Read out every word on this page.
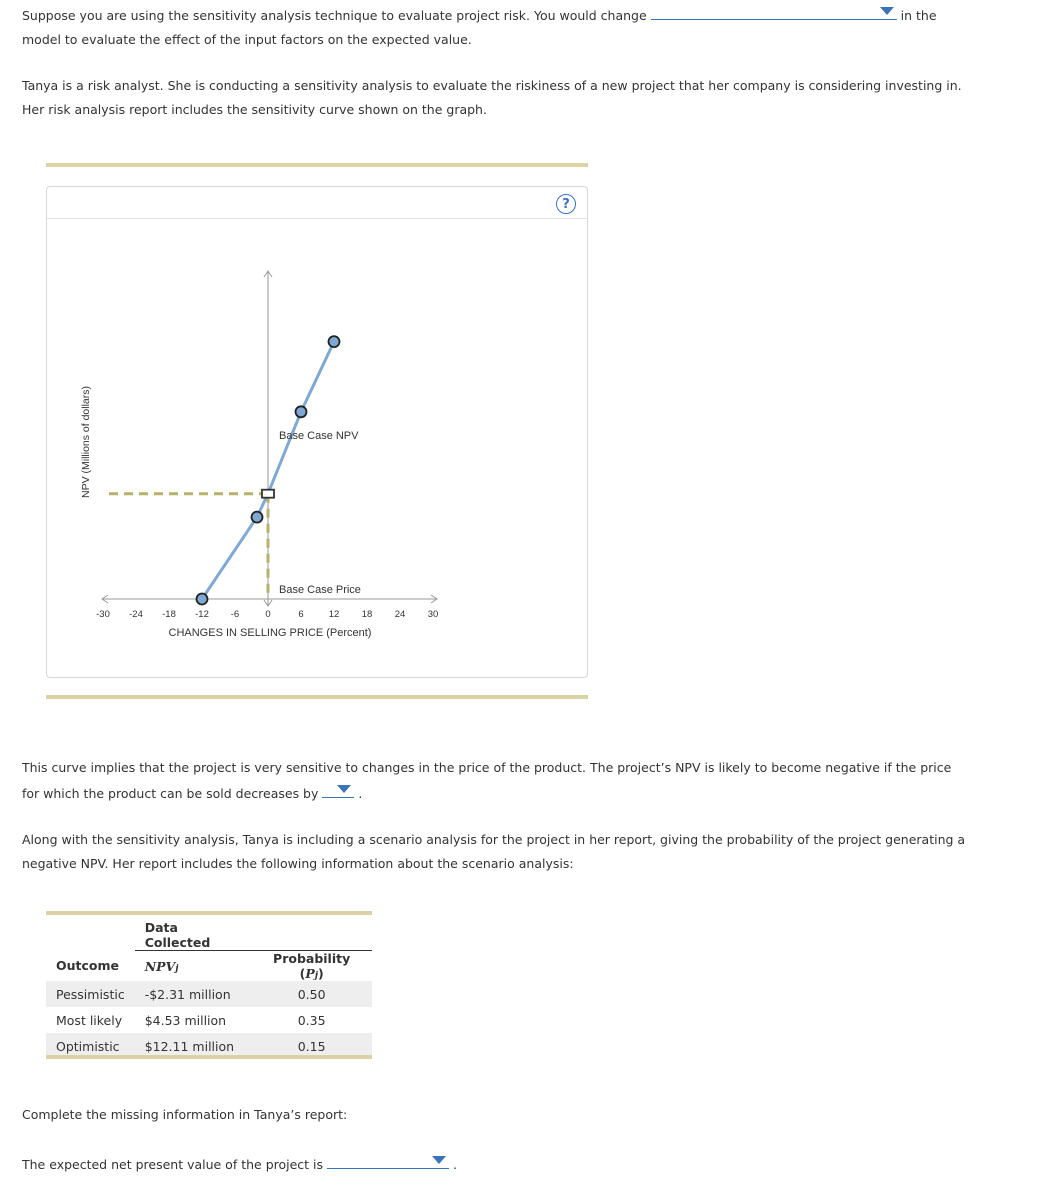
Suppose you are using the sensitivity analysis technique to evaluate project risk. You would change	in the
model to evaluate the effect of the input factors on the expected value.
Tanya is a risk analyst. She is conducting a sensitivity analysis to evaluate the riskiness of a new project that her company is considering investing in.
Her risk analysis report includes the sensitivity curve shown on the graph.
?
NPV (Millions of dollars)
-30 -24 -18 -12 -6	0	6	12 18 24 30
CHANGES IN SELLING PRICE (Percent)
Base Case NPV
Base Case Price
This curve implies that the project is very sensitive to changes in the price of the product. The project’s NPV is likely to become negative if the price
for which the product can be sold decreases by	.
Along with the sensitivity analysis, Tanya is including a scenario analysis for the project in her report, giving the probability of the project generating a
negative NPV. Her report includes the following information about the scenario analysis:
	Data Collected	
Outcome	NPVj	Probability (Pj)
Pessimistic	-$2.31 million	0.50
Most likely	$4.53 million	0.35
Optimistic	$12.11 million	0.15
Complete the missing information in Tanya’s report:
The expected net present value of the project is	.
